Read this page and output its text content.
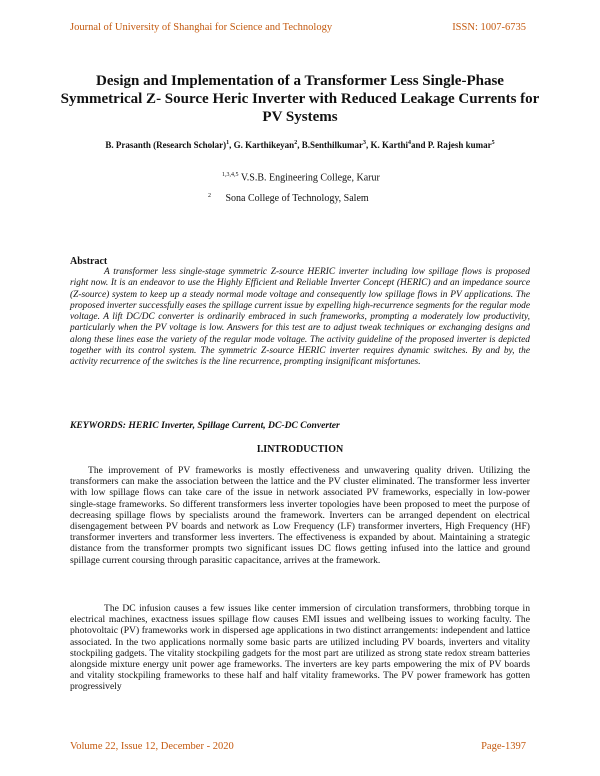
Journal of University of Shanghai for Science and Technology	ISSN: 1007-6735
Design and Implementation of a Transformer Less Single-Phase Symmetrical Z- Source Heric Inverter with Reduced Leakage Currents for PV Systems
B. Prasanth (Research Scholar)$^1$, G. Karthikeyan$^2$, B.Senthilkumar$^3$, K. Karthi$^4$and P. Rajesh kumar$^5$
$^{1,3,4,5}$ V.S.B. Engineering College, Karur
$^2$ Sona College of Technology, Salem
Abstract
A transformer less single-stage symmetric Z-source HERIC inverter including low spillage flows is proposed right now. It is an endeavor to use the Highly Efficient and Reliable Inverter Concept (HERIC) and an impedance source (Z-source) system to keep up a steady normal mode voltage and consequently low spillage flows in PV applications. The proposed inverter successfully eases the spillage current issue by expelling high-recurrence segments for the regular mode voltage. A lift DC/DC converter is ordinarily embraced in such frameworks, prompting a moderately low productivity, particularly when the PV voltage is low. Answers for this test are to adjust tweak techniques or exchanging designs and along these lines ease the variety of the regular mode voltage. The activity guideline of the proposed inverter is depicted together with its control system. The symmetric Z-source HERIC inverter requires dynamic switches. By and by, the activity recurrence of the switches is the line recurrence, prompting insignificant misfortunes.
KEYWORDS: HERIC Inverter, Spillage Current, DC-DC Converter
I.INTRODUCTION
The improvement of PV frameworks is mostly effectiveness and unwavering quality driven. Utilizing the transformers can make the association between the lattice and the PV cluster eliminated. The transformer less inverter with low spillage flows can take care of the issue in network associated PV frameworks, especially in low-power single-stage frameworks. So different transformers less inverter topologies have been proposed to meet the purpose of decreasing spillage flows by specialists around the framework. Inverters can be arranged dependent on electrical disengagement between PV boards and network as Low Frequency (LF) transformer inverters, High Frequency (HF) transformer inverters and transformer less inverters. The effectiveness is expanded by about. Maintaining a strategic distance from the transformer prompts two significant issues DC flows getting infused into the lattice and ground spillage current coursing through parasitic capacitance, arrives at the framework.
The DC infusion causes a few issues like center immersion of circulation transformers, throbbing torque in electrical machines, exactness issues spillage flow causes EMI issues and wellbeing issues to working faculty. The photovoltaic (PV) frameworks work in dispersed age applications in two distinct arrangements: independent and lattice associated. In the two applications normally some basic parts are utilized including PV boards, inverters and vitality stockpiling gadgets. The vitality stockpiling gadgets for the most part are utilized as strong state redox stream batteries alongside mixture energy unit power age frameworks. The inverters are key parts empowering the mix of PV boards and vitality stockpiling frameworks to these half and half vitality frameworks. The PV power framework has gotten progressively
Volume 22, Issue 12, December - 2020	Page-1397
